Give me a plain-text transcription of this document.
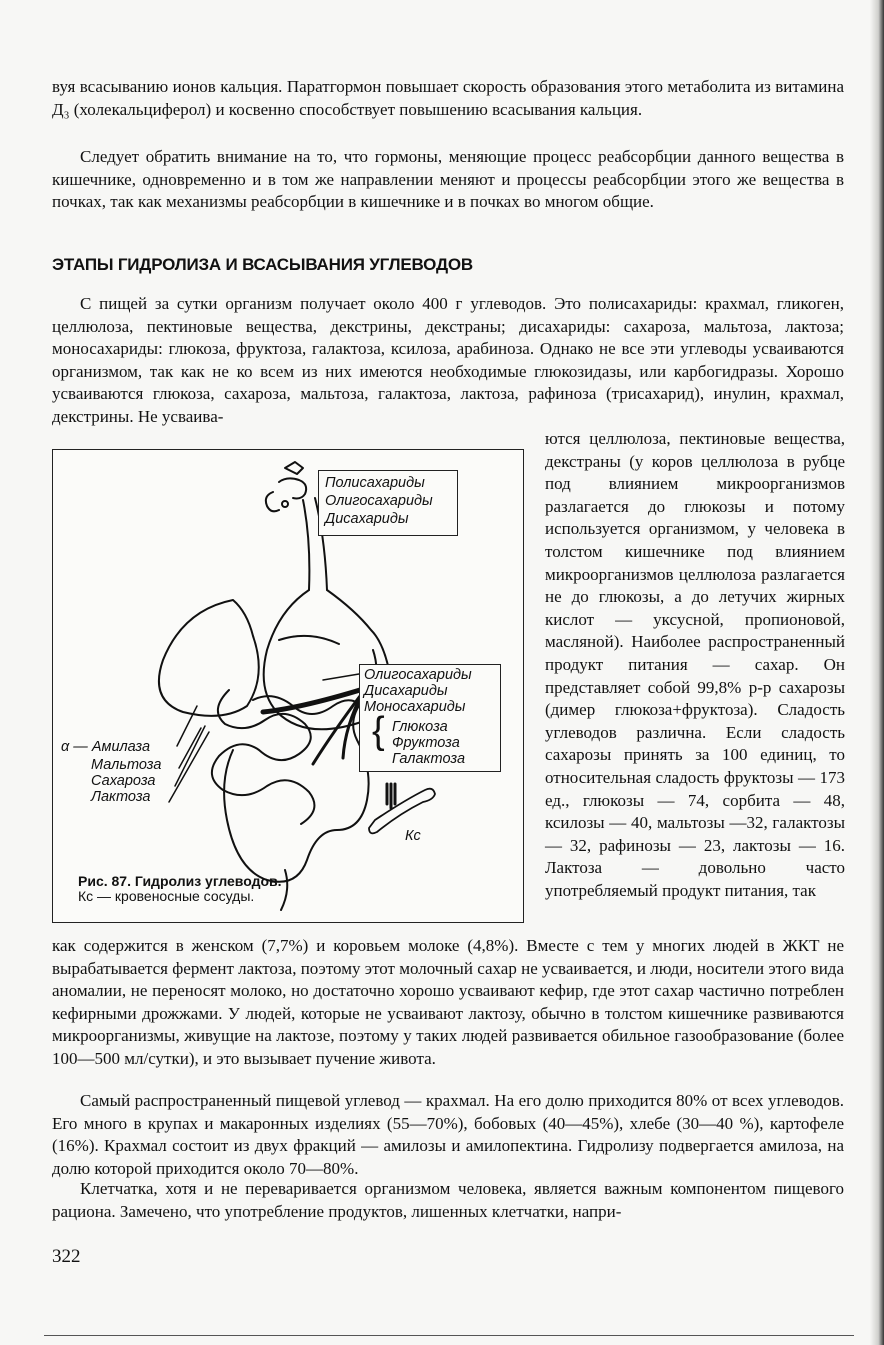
вуя всасыванию ионов кальция. Паратгормон повышает скорость образования этого метаболита из витамина Д₃ (холекальциферол) и косвенно способствует повышению всасывания кальция.

Следует обратить внимание на то, что гормоны, меняющие процесс реабсорбции данного вещества в кишечнике, одновременно и в том же направлении меняют и процессы реабсорбции этого же вещества в почках, так как механизмы реабсорбции в кишечнике и в почках во многом общие.

ЭТАПЫ ГИДРОЛИЗА И ВСАСЫВАНИЯ УГЛЕВОДОВ

С пищей за сутки организм получает около 400 г углеводов. Это полисахариды: крахмал, гликоген, целлюлоза, пектиновые вещества, декстрины, декстраны; дисахариды: сахароза, мальтоза, лактоза; моносахариды: глюкоза, фруктоза, галактоза, ксилоза, арабиноза. Однако не все эти углеводы усваиваются организмом, так как не ко всем из них имеются необходимые глюкозидазы, или карбогидразы. Хорошо усваиваются глюкоза, сахароза, мальтоза, галактоза, лактоза, рафиноза (трисахарид), инулин, крахмал, декстрины. Не усваива-

Полисахариды
Олигосахариды
Дисахариды
Олигосахариды
Дисахариды
Моносахариды
{ Глюкоза
Фруктоза
Галактоза
α — Амилаза
Мальтоза
Сахароза
Лактоза
Кс
Рис. 87. Гидролиз углеводов.
Кс — кровеносные сосуды.

ются целлюлоза, пектиновые вещества, декстраны (у коров целлюлоза в рубце под влиянием микроорганизмов разлагается до глюкозы и потому используется организмом, у человека в толстом кишечнике под влиянием микроорганизмов целлюлоза разлагается не до глюкозы, а до летучих жирных кислот — уксусной, пропионовой, масляной). Наиболее распространенный продукт питания — сахар. Он представляет собой 99,8% р-р сахарозы (димер глюкоза+фруктоза). Сладость углеводов различна. Если сладость сахарозы принять за 100 единиц, то относительная сладость фруктозы — 173 ед., глюкозы — 74, сорбита — 48, ксилозы — 40, мальтозы —32, галактозы — 32, рафинозы — 23, лактозы — 16. Лактоза — довольно часто употребляемый продукт питания, так

как содержится в женском (7,7%) и коровьем молоке (4,8%). Вместе с тем у многих людей в ЖКТ не вырабатывается фермент лактоза, поэтому этот молочный сахар не усваивается, и люди, носители этого вида аномалии, не переносят молоко, но достаточно хорошо усваивают кефир, где этот сахар частично потреблен кефирными дрожжами. У людей, которые не усваивают лактозу, обычно в толстом кишечнике развиваются микроорганизмы, живущие на лактозе, поэтому у таких людей развивается обильное газообразование (более 100—500 мл/сутки), и это вызывает пучение живота.

Самый распространенный пищевой углевод — крахмал. На его долю приходится 80% от всех углеводов. Его много в крупах и макаронных изделиях (55—70%), бобовых (40—45%), хлебе (30—40 %), картофеле (16%). Крахмал состоит из двух фракций — амилозы и амилопектина. Гидролизу подвергается амилоза, на долю которой приходится около 70—80%.

Клетчатка, хотя и не переваривается организмом человека, является важным компонентом пищевого рациона. Замечено, что употребление продуктов, лишенных клетчатки, напри-

322
